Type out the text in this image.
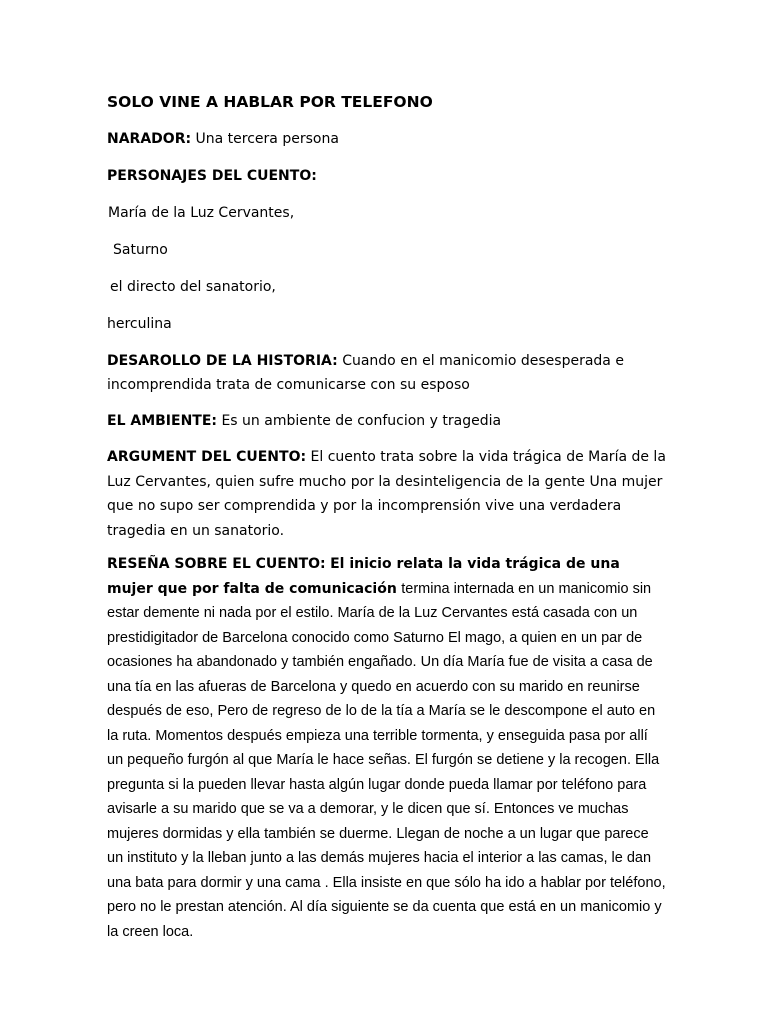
SOLO VINE A HABLAR POR TELEFONO

NARADOR: Una tercera persona

PERSONAJES DEL CUENTO:

María de la Luz Cervantes,

Saturno

el directo del sanatorio,

herculina

DESAROLLO DE LA HISTORIA: Cuando en el manicomio desesperada e incomprendida trata de comunicarse con su esposo

EL AMBIENTE: Es un ambiente de confucion y tragedia

ARGUMENT DEL CUENTO: El cuento trata sobre la vida trágica de María de la Luz Cervantes, quien sufre mucho por la desinteligencia de la gente Una mujer que no supo ser comprendida y por la incomprensión vive una verdadera tragedia en un sanatorio.

RESEÑA SOBRE EL CUENTO: El inicio relata la vida trágica de una mujer que por falta de comunicación termina internada en un manicomio sin estar demente ni nada por el estilo. María de la Luz Cervantes está casada con un prestidigitador de Barcelona conocido como Saturno El mago, a quien en un par de ocasiones ha abandonado y también engañado. Un día María fue de visita a casa de una tía en las afueras de Barcelona y quedo en acuerdo con su marido en reunirse después de eso, Pero de regreso de lo de la tía a María se le descompone el auto en la ruta. Momentos después empieza una terrible tormenta, y enseguida pasa por allí un pequeño furgón al que María le hace señas. El furgón se detiene y la recogen. Ella pregunta si la pueden llevar hasta algún lugar donde pueda llamar por teléfono para avisarle a su marido que se va a demorar, y le dicen que sí. Entonces ve muchas mujeres dormidas y ella también se duerme. Llegan de noche a un lugar que parece un instituto y la lleban junto a las demás mujeres hacia el interior a las camas, le dan una bata para dormir y una cama . Ella insiste en que sólo ha ido a hablar por teléfono, pero no le prestan atención. Al día siguiente se da cuenta que está en un manicomio y la creen loca.
